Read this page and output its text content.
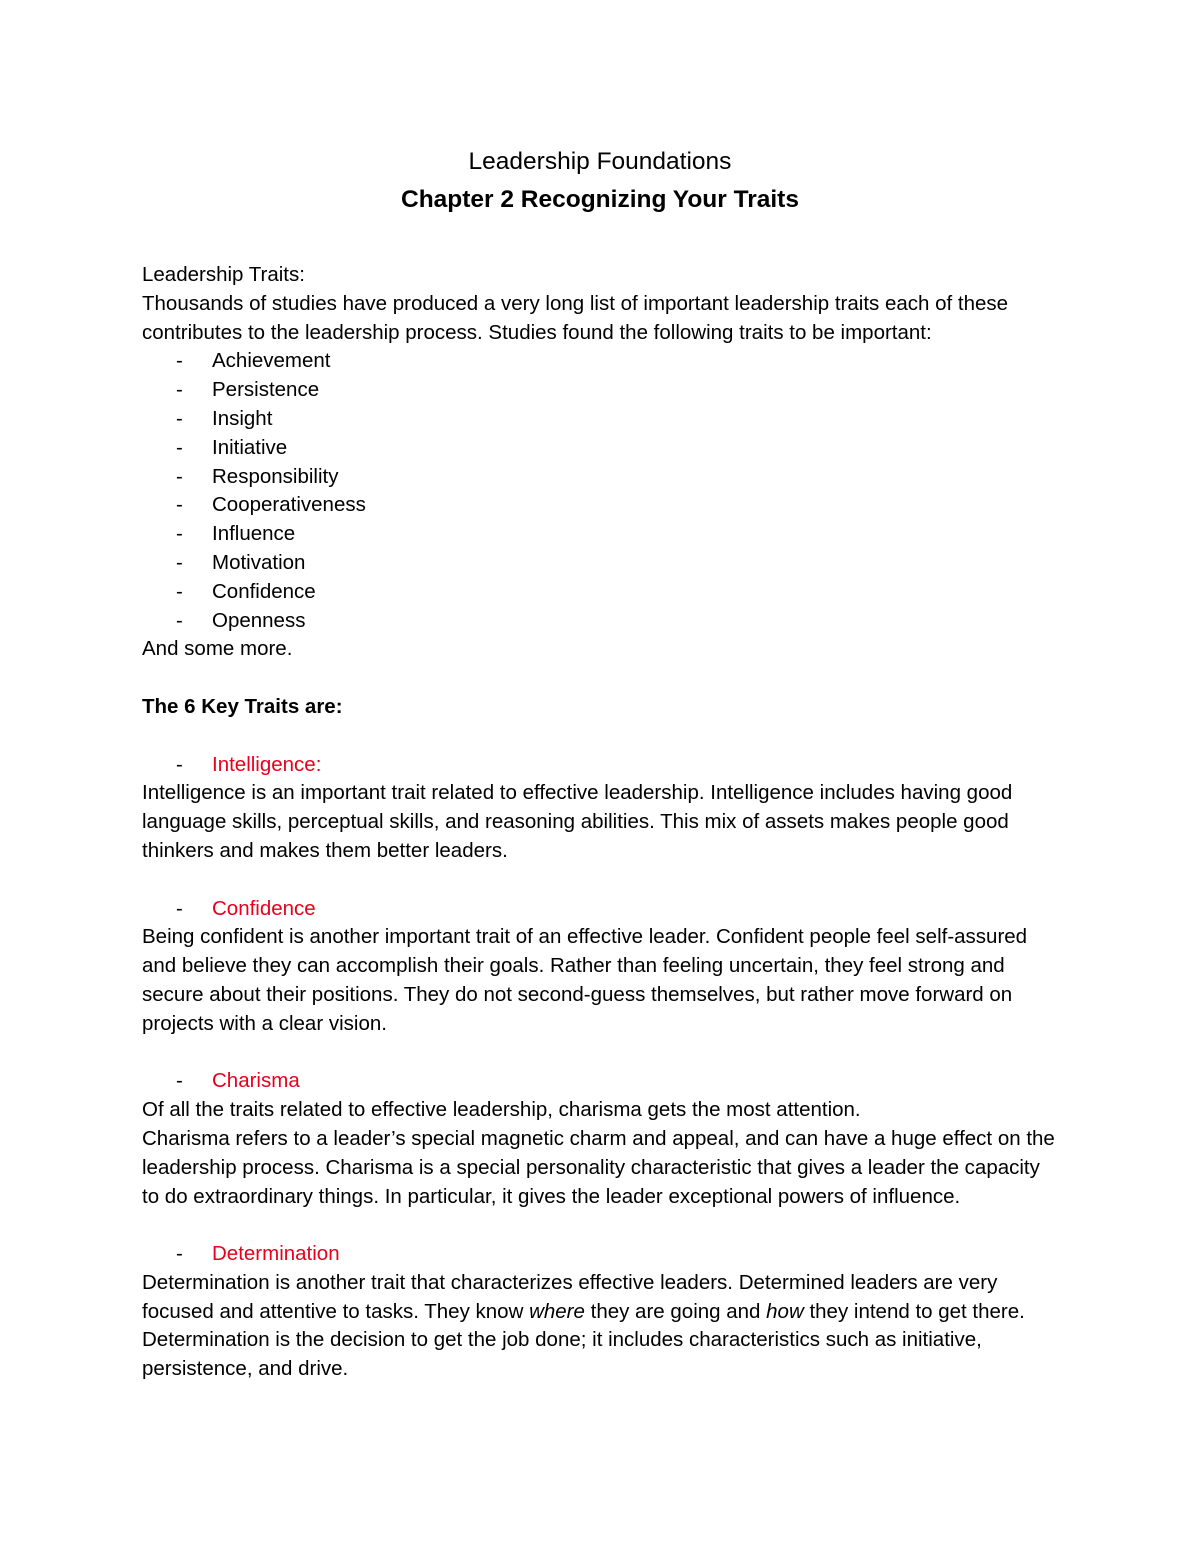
Leadership Foundations

Chapter 2 Recognizing Your Traits

Leadership Traits:

Thousands of studies have produced a very long list of important leadership traits each of these contributes to the leadership process. Studies found the following traits to be important:

- Achievement
- Persistence
- Insight
- Initiative
- Responsibility
- Cooperativeness
- Influence
- Motivation
- Confidence
- Openness

And some more.

The 6 Key Traits are:

- Intelligence:

Intelligence is an important trait related to effective leadership. Intelligence includes having good language skills, perceptual skills, and reasoning abilities. This mix of assets makes people good thinkers and makes them better leaders.

- Confidence

Being confident is another important trait of an effective leader. Confident people feel self-assured and believe they can accomplish their goals. Rather than feeling uncertain, they feel strong and secure about their positions. They do not second-guess themselves, but rather move forward on projects with a clear vision.

- Charisma

Of all the traits related to effective leadership, charisma gets the most attention.

Charisma refers to a leader’s special magnetic charm and appeal, and can have a huge effect on the leadership process. Charisma is a special personality characteristic that gives a leader the capacity to do extraordinary things. In particular, it gives the leader exceptional powers of influence.

- Determination

Determination is another trait that characterizes effective leaders. Determined leaders are very focused and attentive to tasks. They know where they are going and how they intend to get there. Determination is the decision to get the job done; it includes characteristics such as initiative, persistence, and drive.
